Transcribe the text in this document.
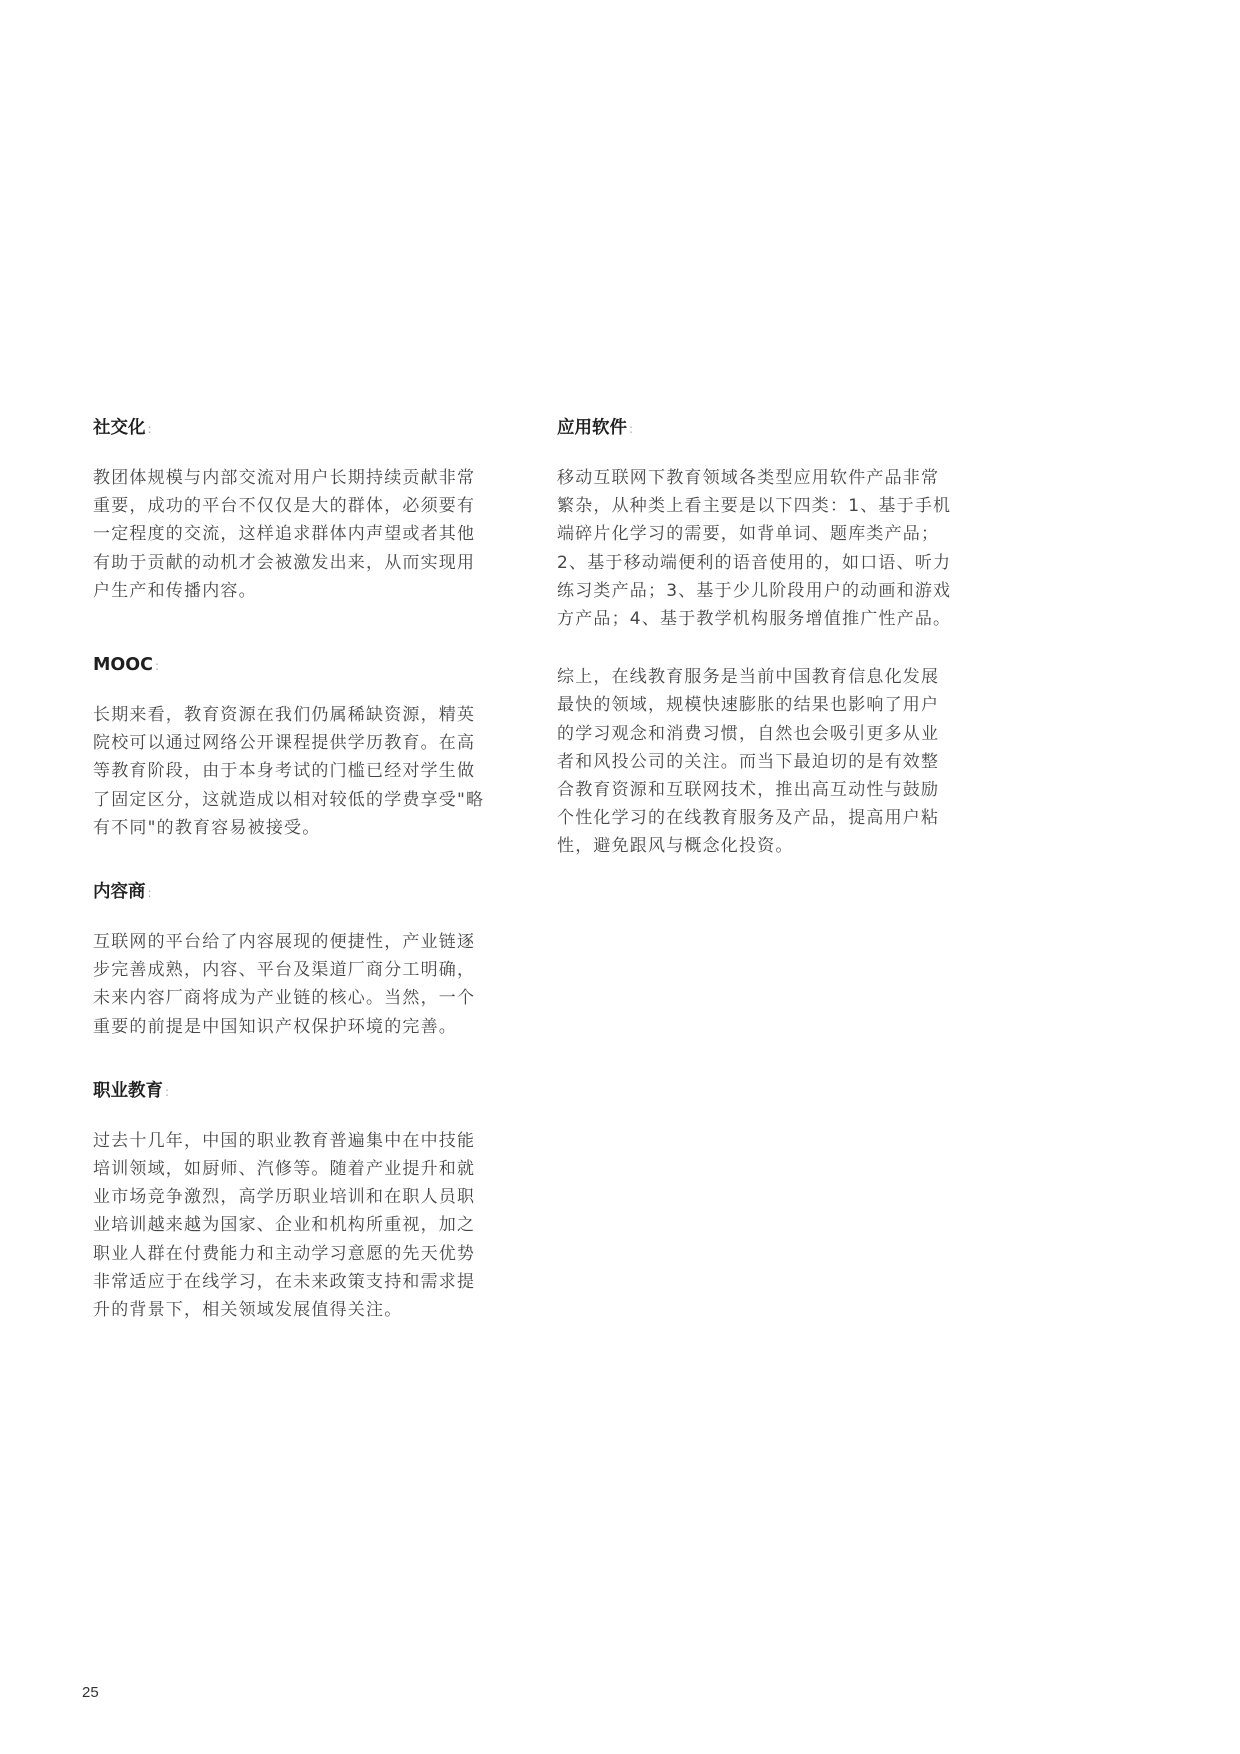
社交化 :

教团体规模与内部交流对用户长期持续贡献非常重要，成功的平台不仅仅是大的群体，必须要有一定程度的交流，这样追求群体内声望或者其他有助于贡献的动机才会被激发出来，从而实现用户生产和传播内容。

MOOC :

长期来看，教育资源在我们仍属稀缺资源，精英院校可以通过网络公开课程提供学历教育。在高等教育阶段，由于本身考试的门槛已经对学生做了固定区分，这就造成以相对较低的学费享受"略有不同"的教育容易被接受。

内容商 :

互联网的平台给了内容展现的便捷性，产业链逐步完善成熟，内容、平台及渠道厂商分工明确，未来内容厂商将成为产业链的核心。当然，一个重要的前提是中国知识产权保护环境的完善。

职业教育 :

过去十几年，中国的职业教育普遍集中在中技能培训领域，如厨师、汽修等。随着产业提升和就业市场竞争激烈，高学历职业培训和在职人员职业培训越来越为国家、企业和机构所重视，加之职业人群在付费能力和主动学习意愿的先天优势非常适应于在线学习，在未来政策支持和需求提升的背景下，相关领域发展值得关注。

应用软件 :

移动互联网下教育领域各类型应用软件产品非常繁杂，从种类上看主要是以下四类：1、基于手机端碎片化学习的需要，如背单词、题库类产品；2、基于移动端便利的语音使用的，如口语、听力练习类产品；3、基于少儿阶段用户的动画和游戏方产品；4、基于教学机构服务增值推广性产品。

综上，在线教育服务是当前中国教育信息化发展最快的领域，规模快速膨胀的结果也影响了用户的学习观念和消费习惯，自然也会吸引更多从业者和风投公司的关注。而当下最迫切的是有效整合教育资源和互联网技术，推出高互动性与鼓励个性化学习的在线教育服务及产品，提高用户粘性，避免跟风与概念化投资。

25
